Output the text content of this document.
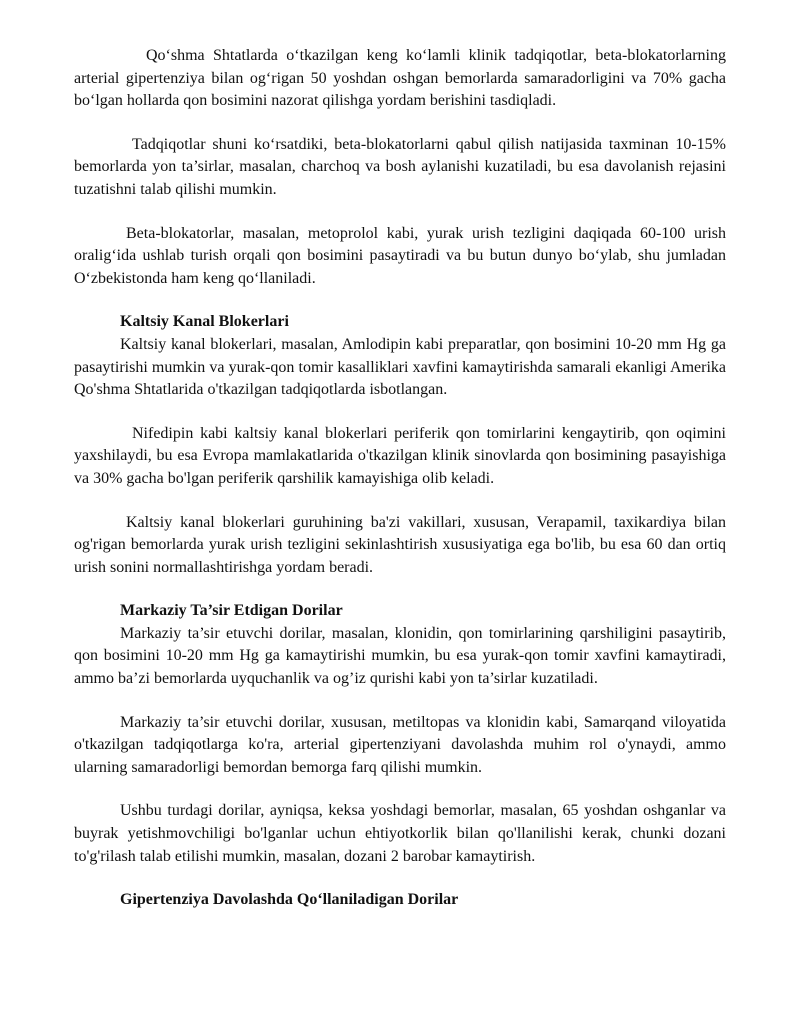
Qo‘shma Shtatlarda o‘tkazilgan keng ko‘lamli klinik tadqiqotlar, beta-blokatorlarning arterial gipertenziya bilan og‘rigan 50 yoshdan oshgan bemorlarda samaradorligini va 70% gacha bo‘lgan hollarda qon bosimini nazorat qilishga yordam berishini tasdiqladi.

Tadqiqotlar shuni ko‘rsatdiki, beta-blokatorlarni qabul qilish natijasida taxminan 10-15% bemorlarda yon ta’sirlar, masalan, charchoq va bosh aylanishi kuzatiladi, bu esa davolanish rejasini tuzatishni talab qilishi mumkin.

Beta-blokatorlar, masalan, metoprolol kabi, yurak urish tezligini daqiqada 60-100 urish oralig‘ida ushlab turish orqali qon bosimini pasaytiradi va bu butun dunyo bo‘ylab, shu jumladan O‘zbekistonda ham keng qo‘llaniladi.

Kaltsiy Kanal Blokerlari

Kaltsiy kanal blokerlari, masalan, Amlodipin kabi preparatlar, qon bosimini 10-20 mm Hg ga pasaytirishi mumkin va yurak-qon tomir kasalliklari xavfini kamaytirishda samarali ekanligi Amerika Qo'shma Shtatlarida o'tkazilgan tadqiqotlarda isbotlangan.

Nifedipin kabi kaltsiy kanal blokerlari periferik qon tomirlarini kengaytirib, qon oqimini yaxshilaydi, bu esa Evropa mamlakatlarida o'tkazilgan klinik sinovlarda qon bosimining pasayishiga va 30% gacha bo'lgan periferik qarshilik kamayishiga olib keladi.

Kaltsiy kanal blokerlari guruhining ba'zi vakillari, xususan, Verapamil, taxikardiya bilan og'rigan bemorlarda yurak urish tezligini sekinlashtirish xususiyatiga ega bo'lib, bu esa 60 dan ortiq urish sonini normallashtirishga yordam beradi.

Markaziy Ta’sir Etdigan Dorilar

Markaziy ta’sir etuvchi dorilar, masalan, klonidin, qon tomirlarining qarshiligini pasaytirib, qon bosimini 10-20 mm Hg ga kamaytirishi mumkin, bu esa yurak-qon tomir xavfini kamaytiradi, ammo ba’zi bemorlarda uyquchanlik va og’iz qurishi kabi yon ta’sirlar kuzatiladi.

Markaziy ta’sir etuvchi dorilar, xususan, metiltopas va klonidin kabi, Samarqand viloyatida o'tkazilgan tadqiqotlarga ko'ra, arterial gipertenziyani davolashda muhim rol o'ynaydi, ammo ularning samaradorligi bemordan bemorga farq qilishi mumkin.

Ushbu turdagi dorilar, ayniqsa, keksa yoshdagi bemorlar, masalan, 65 yoshdan oshganlar va buyrak yetishmovchiligi bo'lganlar uchun ehtiyotkorlik bilan qo'llanilishi kerak, chunki dozani to'g'rilash talab etilishi mumkin, masalan, dozani 2 barobar kamaytirish.

Gipertenziya Davolashda Qo‘llaniladigan Dorilar
